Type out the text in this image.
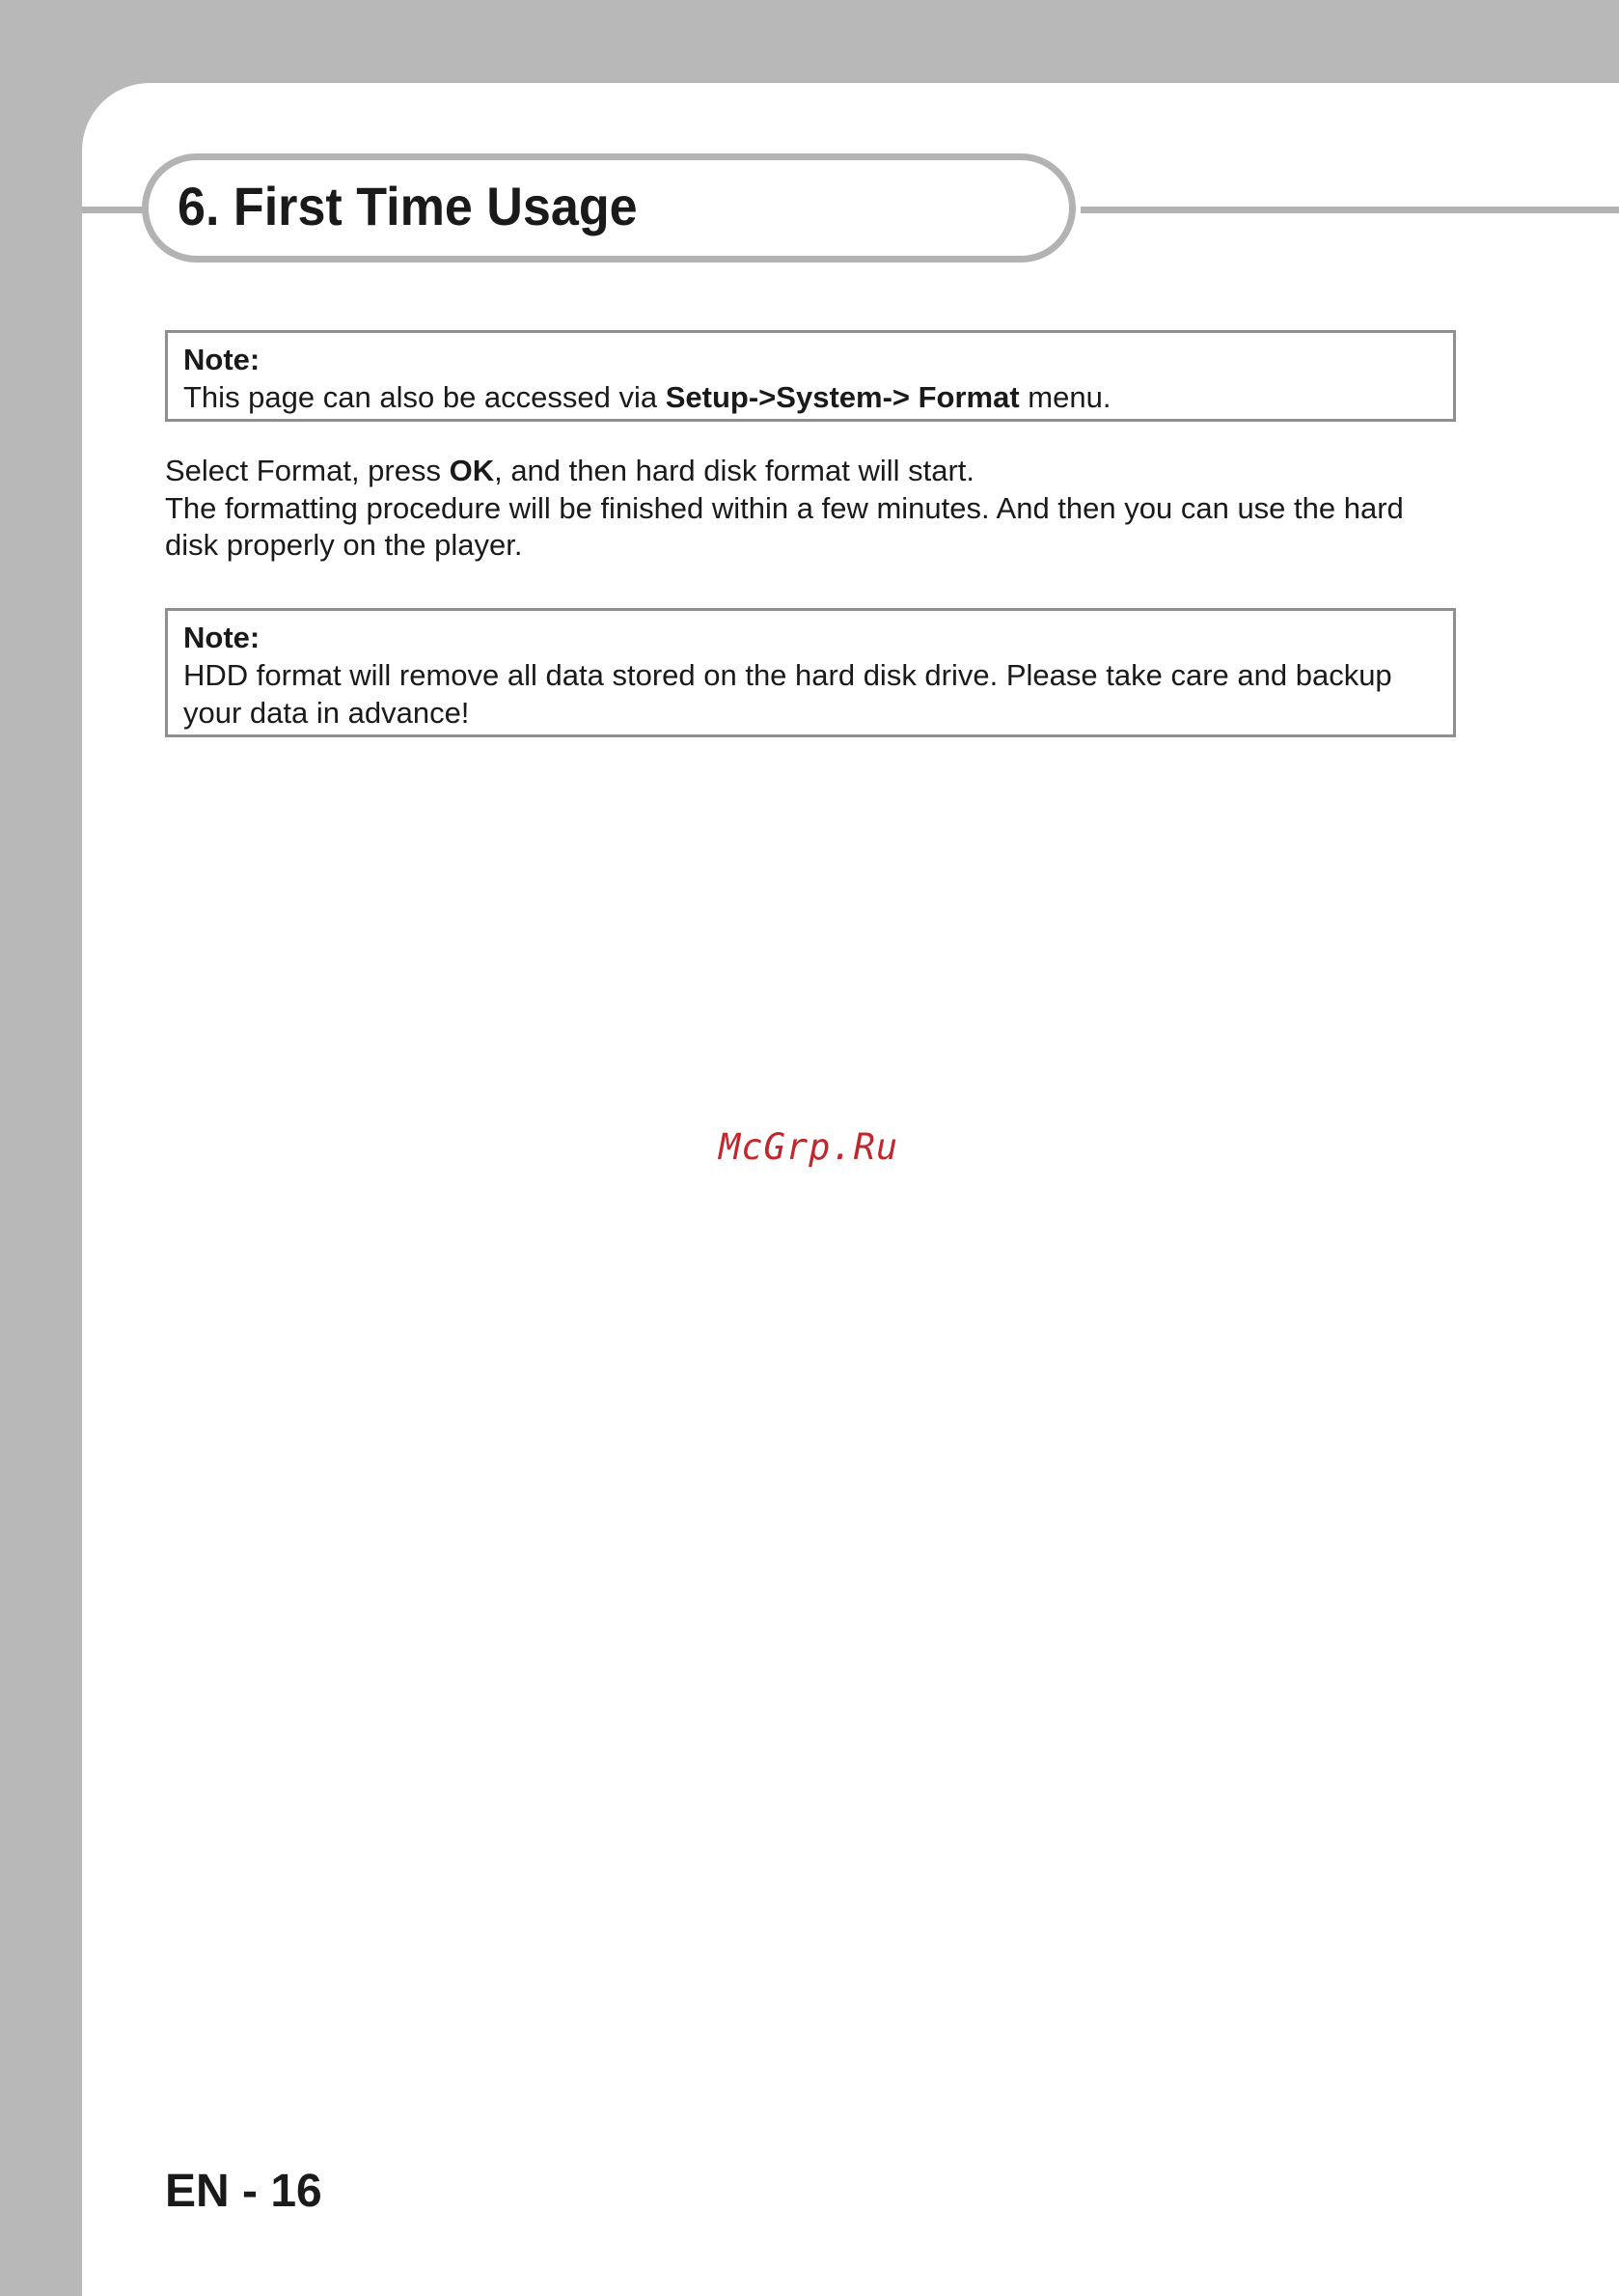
6. First Time Usage
Note:
This page can also be accessed via Setup->System-> Format menu.

Select Format, press OK, and then hard disk format will start.

The formatting procedure will be finished within a few minutes. And then you can use the hard disk properly on the player.

Note:
HDD format will remove all data stored on the hard disk drive. Please take care and backup your data in advance!
McGrp.Ru
EN - 16
